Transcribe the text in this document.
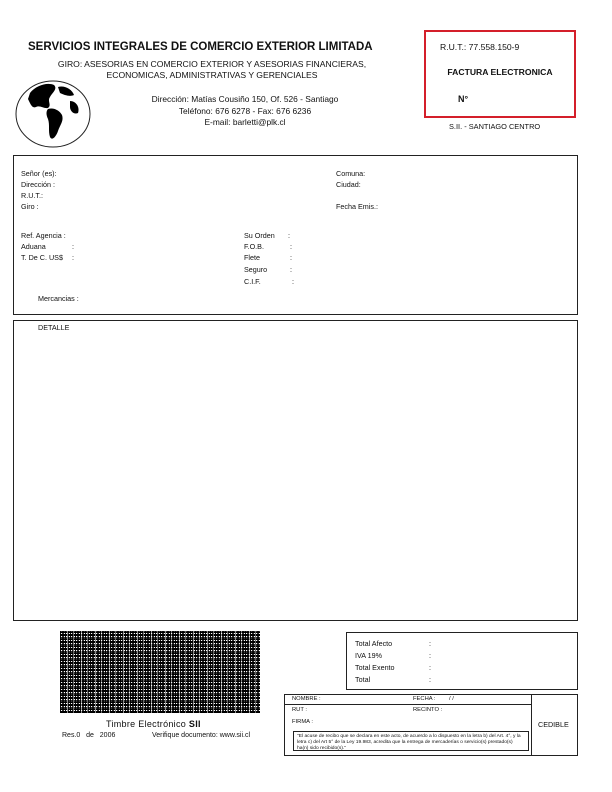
SERVICIOS INTEGRALES DE COMERCIO EXTERIOR LIMITADA
GIRO: ASESORIAS EN COMERCIO EXTERIOR Y ASESORIAS FINANCIERAS, ECONOMICAS, ADMINISTRATIVAS Y GERENCIALES
Dirección: Matías Cousiño 150, Of. 526 - Santiago
Teléfono: 676 6278 - Fax: 676 6236
E-mail: barletti@plk.cl
R.U.T.: 77.558.150-9
FACTURA ELECTRONICA
N°
S.II. - SANTIAGO CENTRO
Señor (es):
Dirección :
R.U.T.:
Giro :
Comuna:
Ciudad:
Fecha Emis.:
Ref. Agencia :
Aduana	:
T. De C. US$ :
Su Orden :
F.O.B.	:
Flete	:
Seguro	:
C.I.F.	:
Mercancias :
DETALLE
Timbre Electrónico SII
Res.0 de 2006	Verifique documento: www.sii.cl
Total Afecto	:
IVA 19%	:
Total Exento	:
Total	:
NOMBRE :	FECHA : / /
RUT :	RECINTO :
FIRMA :
"El acuse de recibo que se declara en este acto, de acuerdo a lo dispuesto en la letra b) del Art. 4°, y la letra c) del Art 5° de la Ley 19.983, acredita que la entrega de mercaderías o servicio(s) prestado(s) ha(n) sido recibido(s)."
CEDIBLE
